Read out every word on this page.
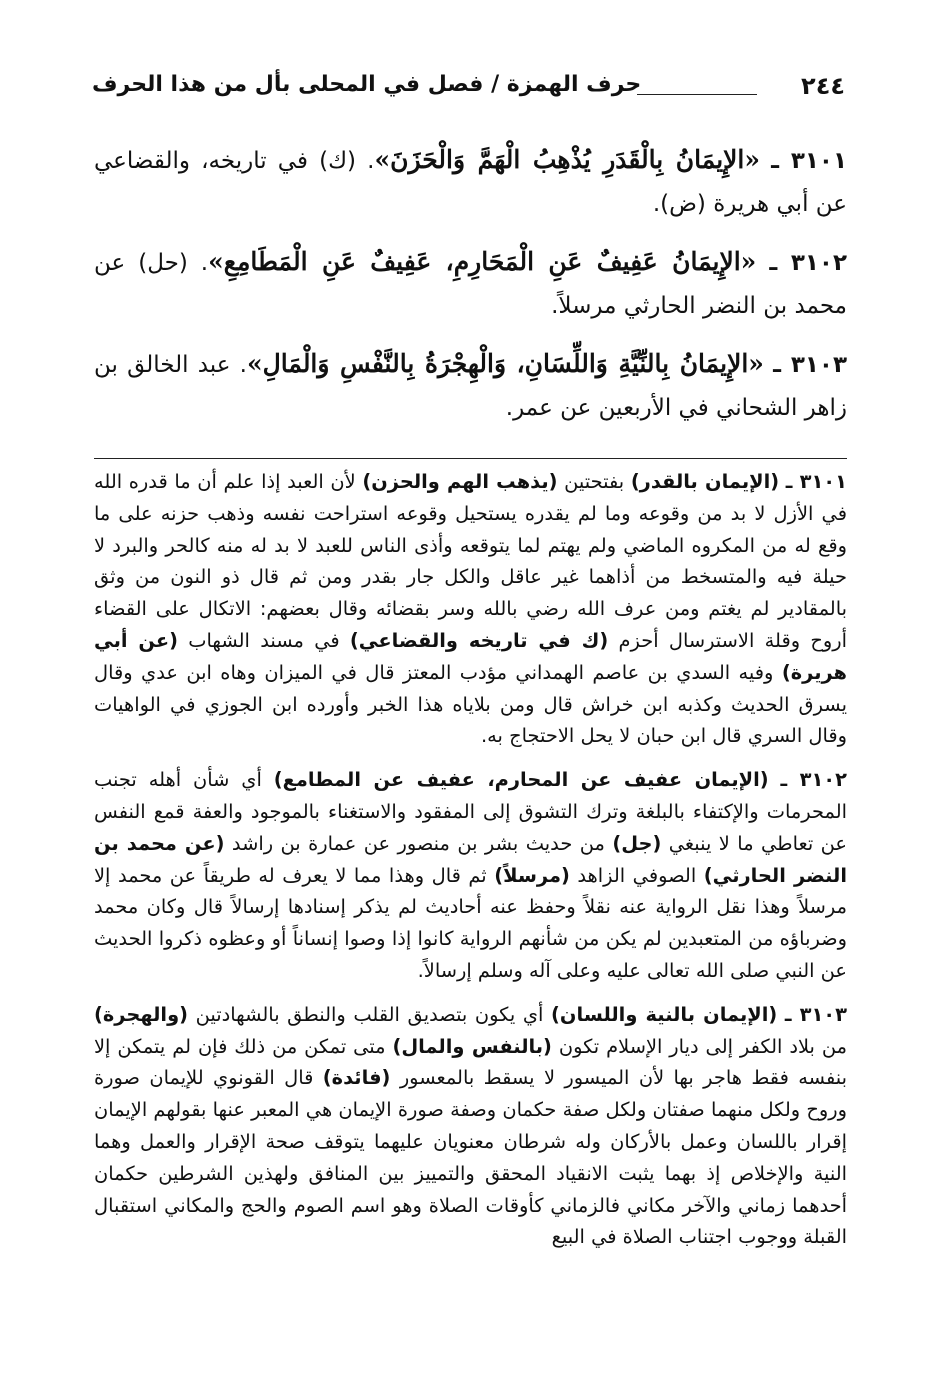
٢٤٤
حرف الهمزة / فصل في المحلى بأل من هذا الحرف

٣١٠١ ـ «الإِيمَانُ بِالْقَدَرِ يُذْهِبُ الْهَمَّ وَالْحَزَنَ». (ك) في تاريخه، والقضاعي عن أبي هريرة (ض).

٣١٠٢ ـ «الإِيمَانُ عَفِيفٌ عَنِ الْمَحَارِمِ، عَفِيفٌ عَنِ الْمَطَامِعِ». (حل) عن محمد بن النضر الحارثي مرسلاً.

٣١٠٣ ـ «الإِيمَانُ بِالنِّيَّةِ وَاللِّسَانِ، وَالْهِجْرَةُ بِالنَّفْسِ وَالْمَالِ». عبد الخالق بن زاهر الشحاني في الأربعين عن عمر.

٣١٠١ ـ (الإيمان بالقدر) بفتحتين (يذهب الهم والحزن) لأن العبد إذا علم أن ما قدره الله في الأزل لا بد من وقوعه وما لم يقدره يستحيل وقوعه استراحت نفسه وذهب حزنه على ما وقع له من المكروه الماضي ولم يهتم لما يتوقعه وأذى الناس للعبد لا بد له منه كالحر والبرد لا حيلة فيه والمتسخط من أذاهما غير عاقل والكل جار بقدر ومن ثم قال ذو النون من وثق بالمقادير لم يغتم ومن عرف الله رضي بالله وسر بقضائه وقال بعضهم: الاتكال على القضاء أروح وقلة الاسترسال أحزم (ك في تاريخه والقضاعي) في مسند الشهاب (عن أبي هريرة) وفيه السدي بن عاصم الهمداني مؤدب المعتز قال في الميزان وهاه ابن عدي وقال يسرق الحديث وكذبه ابن خراش قال ومن بلاياه هذا الخبر وأورده ابن الجوزي في الواهيات وقال السري قال ابن حبان لا يحل الاحتجاج به.

٣١٠٢ ـ (الإيمان عفيف عن المحارم، عفيف عن المطامع) أي شأن أهله تجنب المحرمات والإكتفاء بالبلغة وترك التشوق إلى المفقود والاستغناء بالموجود والعفة قمع النفس عن تعاطي ما لا ينبغي (جل) من حديث بشر بن منصور عن عمارة بن راشد (عن محمد بن النضر الحارثي) الصوفي الزاهد (مرسلاً) ثم قال وهذا مما لا يعرف له طريقاً عن محمد إلا مرسلاً وهذا نقل الرواية عنه نقلاً وحفظ عنه أحاديث لم يذكر إسنادها إرسالاً قال وكان محمد وضرباؤه من المتعبدين لم يكن من شأنهم الرواية كانوا إذا وصوا إنساناً أو وعظوه ذكروا الحديث عن النبي صلى الله تعالى عليه وعلى آله وسلم إرسالاً.

٣١٠٣ ـ (الإيمان بالنية واللسان) أي يكون بتصديق القلب والنطق بالشهادتين (والهجرة) من بلاد الكفر إلى ديار الإسلام تكون (بالنفس والمال) متى تمكن من ذلك فإن لم يتمكن إلا بنفسه فقط هاجر بها لأن الميسور لا يسقط بالمعسور (فائدة) قال القونوي للإيمان صورة وروح ولكل منهما صفتان ولكل صفة حكمان وصفة صورة الإيمان هي المعبر عنها بقولهم الإيمان إقرار باللسان وعمل بالأركان وله شرطان معنويان عليهما يتوقف صحة الإقرار والعمل وهما النية والإخلاص إذ بهما يثبت الانقياد المحقق والتمييز بين المنافق ولهذين الشرطين حكمان أحدهما زماني والآخر مكاني فالزماني كأوقات الصلاة وهو اسم الصوم والحج والمكاني استقبال القبلة ووجوب اجتناب الصلاة في البيع
